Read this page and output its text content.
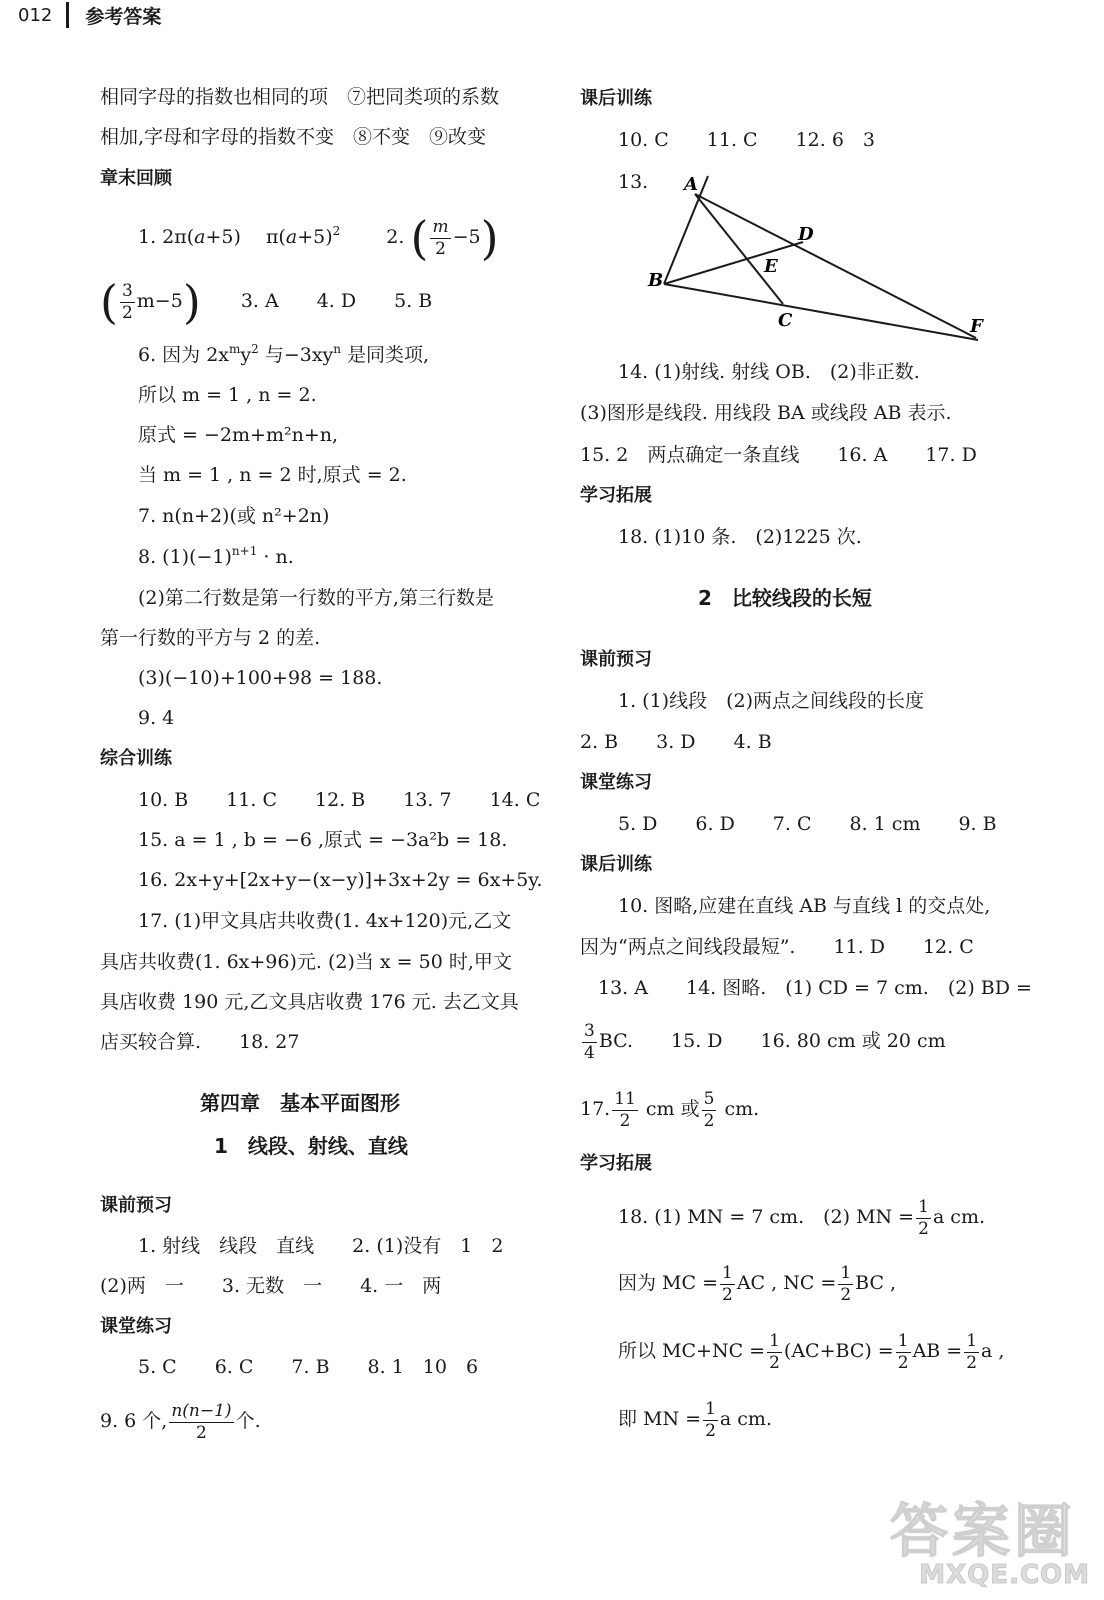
012 参考答案
相同字母的指数也相同的项　⑦把同类项的系数
相加,字母和字母的指数不变　⑧不变　⑨改变
章末回顾
1. 2π(a+5)　 $\pi(a+5)^2$ 2. ( $\frac{m}{2} -5$)
( $\frac{3}{2} m-5$) 3. A　　4. D　　5. B
6. 因为 $2x^my^2$ 与$-3xy^n$ 是同类项,
所以 m = 1 , n = 2.
原式 = −2m+m²n+n,
当 m = 1 , n = 2 时,原式 = 2.
7. n(n+2)(或 n²+2n)
8. $(1)(-1)^{n+1} \cdot n$.
(2)第二行数是第一行数的平方,第三行数是
第一行数的平方与 2 的差.
(3)(−10)+100+98 = 188.
9. 4
综合训练
10. B　　11. C　　12. B　　13. 7　　14. C
15. a = 1 , b = −6 ,原式 = −3a²b = 18.
16. 2x+y+[2x+y−(x−y)]+3x+2y = 6x+5y.
17. (1)甲文具店共收费(1. 4x+120)元,乙文
具店共收费(1. 6x+96)元. (2)当 x = 50 时,甲文
具店收费 190 元,乙文具店收费 176 元. 去乙文具
店买较合算.　　18. 27
第四章　基本平面图形
1　线段、射线、直线
课前预习
1. 射线　线段　直线　　2. (1)没有　1　2
(2)两　一　　3. 无数　一　　4. 一　两
课堂练习
5. C　　6. C　　7. B　　8. 1　10　6
9. 6 个, $\frac{n(n-1)}{2}$ 个.
课后训练
10. C　　11. C　　12. 6　3
13. A
B
C
D
E
F
14. (1)射线. 射线 OB.　(2)非正数.
(3)图形是线段. 用线段 BA 或线段 AB 表示.
15. 2　两点确定一条直线　　16. A　　17. D
学习拓展
18. (1)10 条.　(2)1225 次.
2　比较线段的长短
课前预习
1. (1)线段　(2)两点之间线段的长度
2. B　　3. D　　4. B
课堂练习
5. D　　6. D　　7. C　　8. 1 cm　　9. B
课后训练
10. 图略,应建在直线 AB 与直线 l 的交点处,
因为“两点之间线段最短”.　　11. D　　12. C
13. A　　14. 图略.　(1) CD = 7 cm.　(2) BD =
$\frac{3}{4}$ BC.　　15. D　　16. 80 cm 或 20 cm
17. $\frac{11}{2}$ cm 或 $\frac{5}{2}$ cm.
学习拓展
18. (1) MN = 7 cm.　(2) MN = $\frac{1}{2}$ a cm.
因为 MC = $\frac{1}{2}$ AC , NC = $\frac{1}{2}$ BC ,
所以 $MC+NC = \frac{1}{2} (AC+BC) = \frac{1}{2}$ AB = $\frac{1}{2}$ a ,
即 MN = $\frac{1}{2}$ a cm.
答案圈
MXQE.COM
